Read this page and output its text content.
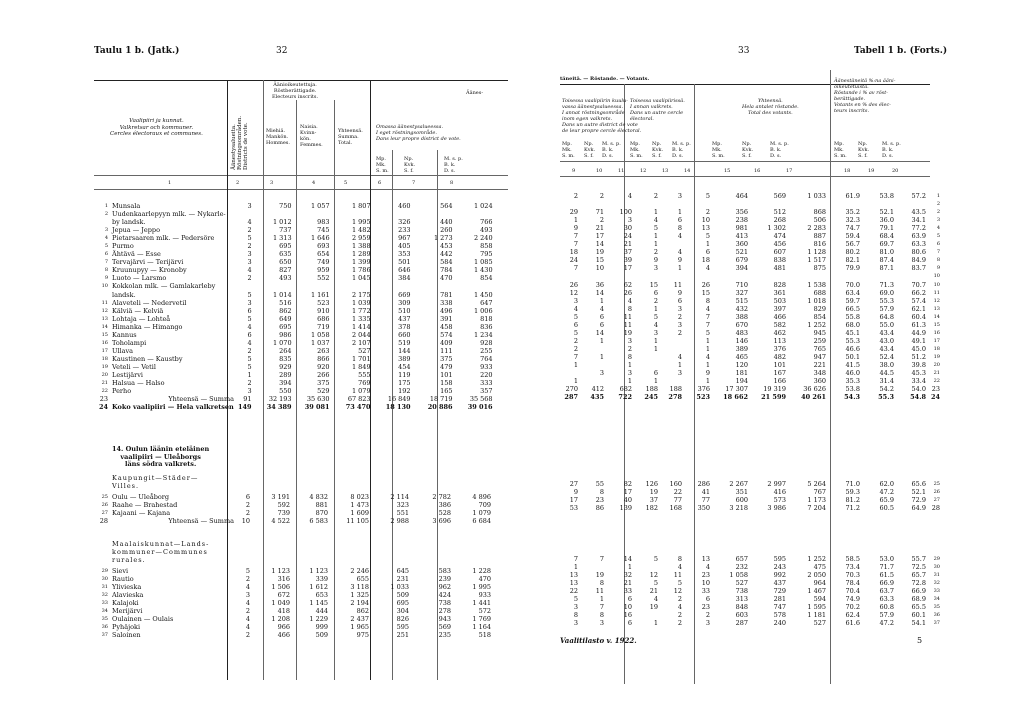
Taulu 1 b. (Jatk.)	32
Vaalipiiri ja kunnat.
Valkretsar och kommuner.
Cercles électoraux et communes.
Äänioikeutettuja.
Röstberättigade.
Electeurs inscrits.
Äänestysalueita.
Röstningsområden.
Districts de vote.	Miehiä.
Mankön.
Hommes.
Naisia.
Kvinn-
kön.
Femmes.
Yhteensä.
Summa.
Total.
Äänes-
Omassa äänestysalueessa.
I eget röstningsområde.
Dans leur propre district de vote.
Mp.
Mk.
S. m.
Np.
Kvk.
S. f.
M. s. p.
B. k.
D. s.
1	2	3	4	5	6	7	8
1	Munsala	3	750	1 057	1 807	460	564	1 024
2	Uudenkaarlepyyn mlk. — Nykarle-							
	by landsk.	4	1 012	983	1 995	326	440	766
3	Jepua — Jeppo	2	737	745	1 482	233	260	493
4	Pietarsaaren mlk. — Pedersöre	5	1 313	1 646	2 959	967	1 273	2 240
5	Purmo	2	695	693	1 388	405	453	858
6	Ähtävä — Esse	3	635	654	1 289	353	442	795
7	Tervajärvi — Terijärvi	3	650	749	1 399	501	584	1 085
8	Kruunupyy — Kronoby	4	827	959	1 786	646	784	1 430
9	Luoto — Larsmo	2	493	552	1 045	384	470	854
10	Kokkolan mlk. — Gamlakarleby							
	landsk.	5	1 014	1 161	2 175	669	781	1 450
11	Alaveteli — Nedervetil	3	516	523	1 039	309	338	647
12	Kälviä — Kelviä	6	862	910	1 772	510	496	1 006
13	Lohtaja — Lohteå	5	649	686	1 335	437	391	818
14	Himanka — Himango	4	695	719	1 414	378	458	836
15	Kannus	6	986	1 058	2 044	660	574	1 234
16	Toholampi	4	1 070	1 037	2 107	519	409	928
17	Ullava	2	264	263	527	144	111	255
18	Kaustinen — Kaustby	5	835	866	1 701	389	375	764
19	Veteli — Vetil	5	929	920	1 849	454	479	933
20	Lestijärvi	1	289	266	555	119	101	220
21	Halsua — Halso	2	394	375	769	175	158	333
22	Perho	3	550	529	1 079	192	165	357
23	Yhteensä — Summa	91	32 193	35 630	67 823	16 849	18 719	35 568
24	Koko vaalipiiri — Hela valkretsen	149	34 389	39 081	73 470	18 130	20 886	39 016
25	Oulu — Uleåborg	6	3 191	4 832	8 023	2 114	2 782	4 896
26	Raahe — Brahestad	2	592	881	1 473	323	386	709
27	Kajaani — Kajana	2	739	870	1 609	551	528	1 079
28	Yhteensä — Summa	10	4 522	6 583	11 105	2 988	3 696	6 684
29	Sievi	5	1 123	1 123	2 246	645	583	1 228
30	Rautio	2	316	339	655	231	239	470
31	Ylivieska	4	1 506	1 612	3 118	1 033	962	1 995
32	Alavieska	3	672	653	1 325	509	424	933
33	Kalajoki	4	1 049	1 145	2 194	695	738	1 441
34	Merijärvi	2	418	444	862	304	278	572
35	Oulainen — Oulais	4	1 208	1 229	2 437	826	943	1 769
36	Pyhäjoki	4	966	999	1 965	595	569	1 164
37	Saloinen	2	466	509	975	251	235	518
14. Oulun läänin eteläinen
vaalipiiri — Uleåborgs
läns södra valkrets.
Kaupungit—Städer—
Villes.
Maalaiskunnat—Lands-
kommuner—Communes
rurales.
33	Tabell 1 b. (Forts.)
täneitä. — Röstande. — Votants.
Toisessa vaalipiirin kuulu-
vassa äänestysalueessa.
I annat röstningsområde
inom egen valkrets.
Dans un autre district de vote
de leur propre cercle électoral.
Toisessa vaalipiirissä.
I annan valkrets.
Dans un autre cercle
électoral.
Yhteensä.
Hela antalet röstande.
Total des votants.
Äänestäneitä %:na ääni-
oikeutetuista.
Röstande i % av röst-
berättigade.
Votants en % des élec-
teurs inscrits.
Mp.
Mk.
S. m.
Np.
Kvk.
S. f.
M. s. p.
B. k.
D. s.
Mp.
Mk.
S. m.
Np.
Kvk.
S. f.
M. s. p.
B. k.
D. s.
Mp.
Mk.
S. m.
Np.
Kvk.
S. f.
M. s. p.
B. k.
D. s.
Mp.
Mk.
S. m.
Np.
Kvk.
S. f.
M. s. p.
B. k.
D. s.
9	10	11	12	13	14	15	16	17	18	19	20
2	2	4	2	3	5	464	569	1 033	61.9	53.8	57.2	1
												2
29	71	100	1	1	2	356	512	868	35.2	52.1	43.5	2
1	2	3	4	6	10	238	268	506	32.3	36.0	34.1	3
9	21	30	5	8	13	981	1 302	2 283	74.7	79.1	77.2	4
7	17	24	1	4	5	413	474	887	59.4	68.4	63.9	5
7	14	21	1		1	360	456	816	56.7	69.7	63.3	6
18	19	37	2	4	6	521	607	1 128	80.2	81.0	80.6	7
24	15	39	9	9	18	679	838	1 517	82.1	87.4	84.9	8
7	10	17	3	1	4	394	481	875	79.9	87.1	83.7	9
												10
26	36	62	15	11	26	710	828	1 538	70.0	71.3	70.7	10
12	14	26	6	9	15	327	361	688	63.4	69.0	66.2	11
3	1	4	2	6	8	515	503	1 018	59.7	55.3	57.4	12
4	4	8	1	3	4	432	397	829	66.5	57.9	62.1	13
5	6	11	5	2	7	388	466	854	55.8	64.8	60.4	14
6	6	11	4	3	7	670	582	1 252	68.0	55.0	61.3	15
5	14	19	3	2	5	483	462	945	45.1	43.4	44.9	16
2	1	3	1		1	146	113	259	55.3	43.0	49.1	17
2		2	1		1	389	376	765	46.6	43.4	45.0	18
7	1	8		4	4	465	482	947	50.1	52.4	51.2	19
1		1		1	1	120	101	221	41.5	38.0	39.8	20
	3	3	6	3	9	181	167	348	46.0	44.5	45.3	21
1		1	1		1	194	166	360	35.3	31.4	33.4	22
270	412	682	188	188	376	17 307	19 319	36 626	53.8	54.2	54.0	23
287	435	722	245	278	523	18 662	21 599	40 261	54.3	55.3	54.8	24
27	55	82	126	160	286	2 267	2 997	5 264	71.0	62.0	65.6	25
9	8	17	19	22	41	351	416	767	59.3	47.2	52.1	26
17	23	40	37	77	77	600	573	1 173	81.2	65.9	72.9	27
53	86	139	182	168	350	3 218	3 986	7 204	71.2	60.5	64.9	28
7	7	14	5	8	13	657	595	1 252	58.5	53.0	55.7	29
1		1		4	4	232	243	475	73.4	71.7	72.5	30
13	19	32	12	11	23	1 058	992	2 050	70.3	61.5	65.7	31
13	8	21	5	5	10	527	437	964	78.4	66.9	72.8	32
22	11	33	21	12	33	738	729	1 467	70.4	63.7	66.9	33
5	1	6	4	2	6	313	281	594	74.9	63.3	68.9	34
3	7	10	19	4	23	848	747	1 595	70.2	60.8	65.5	35
8	8	16		2	2	603	578	1 181	62.4	57.9	60.1	36
3	3	6	1	2	3	287	240	527	61.6	47.2	54.1	37
Vaalitilasto v. 1922.	5
